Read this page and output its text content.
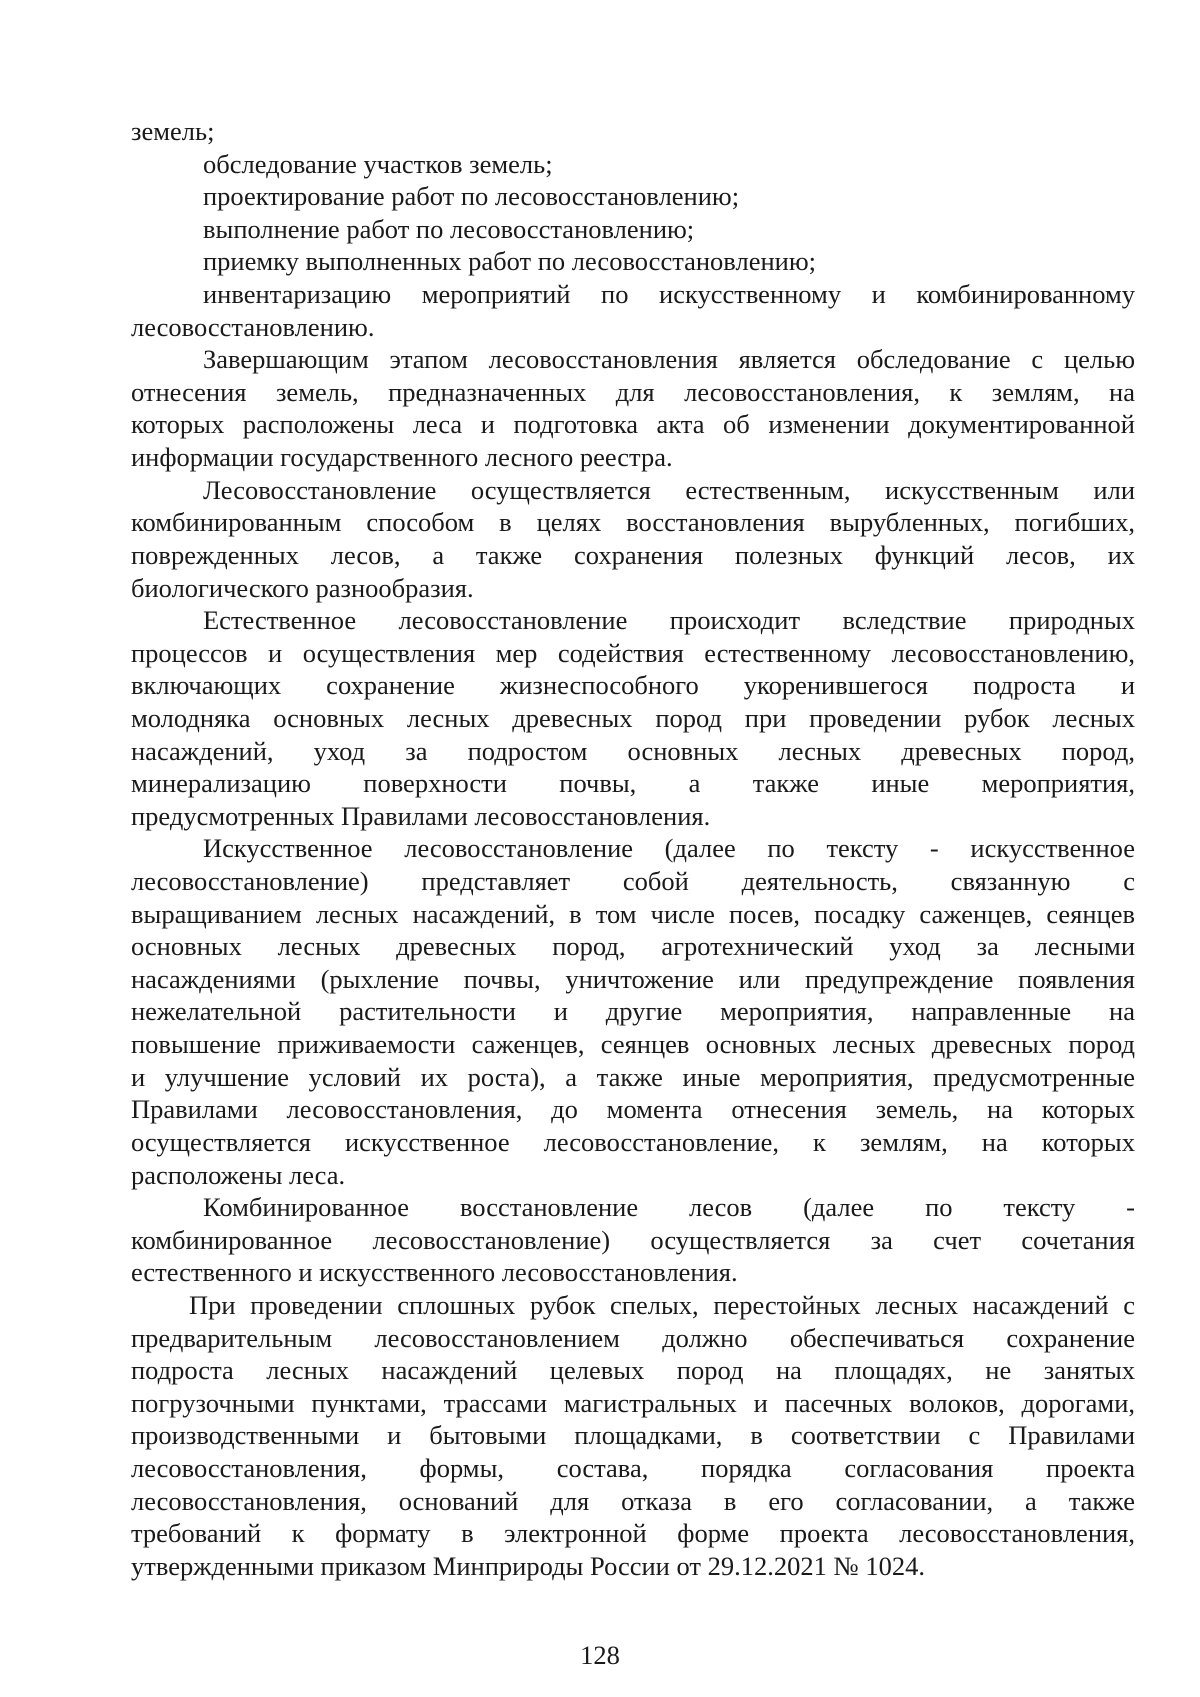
земель;
обследование участков земель;
проектирование работ по лесовосстановлению;
выполнение работ по лесовосстановлению;
приемку выполненных работ по лесовосстановлению;
инвентаризацию мероприятий по искусственному и комбинированному
лесовосстановлению.
Завершающим этапом лесовосстановления является обследование с целью
отнесения земель, предназначенных для лесовосстановления, к землям, на
которых расположены леса и подготовка акта об изменении документированной
информации государственного лесного реестра.
Лесовосстановление осуществляется естественным, искусственным или
комбинированным способом в целях восстановления вырубленных, погибших,
поврежденных лесов, а также сохранения полезных функций лесов, их
биологического разнообразия.
Естественное лесовосстановление происходит вследствие природных
процессов и осуществления мер содействия естественному лесовосстановлению,
включающих сохранение жизнеспособного укоренившегося подроста и
молодняка основных лесных древесных пород при проведении рубок лесных
насаждений, уход за подростом основных лесных древесных пород,
минерализацию поверхности почвы, а также иные мероприятия,
предусмотренных Правилами лесовосстановления.
Искусственное лесовосстановление (далее по тексту - искусственное
лесовосстановление) представляет собой деятельность, связанную с
выращиванием лесных насаждений, в том числе посев, посадку саженцев, сеянцев
основных лесных древесных пород, агротехнический уход за лесными
насаждениями (рыхление почвы, уничтожение или предупреждение появления
нежелательной растительности и другие мероприятия, направленные на
повышение приживаемости саженцев, сеянцев основных лесных древесных пород
и улучшение условий их роста), а также иные мероприятия, предусмотренные
Правилами лесовосстановления, до момента отнесения земель, на которых
осуществляется искусственное лесовосстановление, к землям, на которых
расположены леса.
Комбинированное восстановление лесов (далее по тексту -
комбинированное лесовосстановление) осуществляется за счет сочетания
естественного и искусственного лесовосстановления.
При проведении сплошных рубок спелых, перестойных лесных насаждений с
предварительным лесовосстановлением должно обеспечиваться сохранение
подроста лесных насаждений целевых пород на площадях, не занятых
погрузочными пунктами, трассами магистральных и пасечных волоков, дорогами,
производственными и бытовыми площадками, в соответствии с Правилами
лесовосстановления, формы, состава, порядка согласования проекта
лесовосстановления, оснований для отказа в его согласовании, а также
требований к формату в электронной форме проекта лесовосстановления,
утвержденными приказом Минприроды России от 29.12.2021 № 1024.
128
